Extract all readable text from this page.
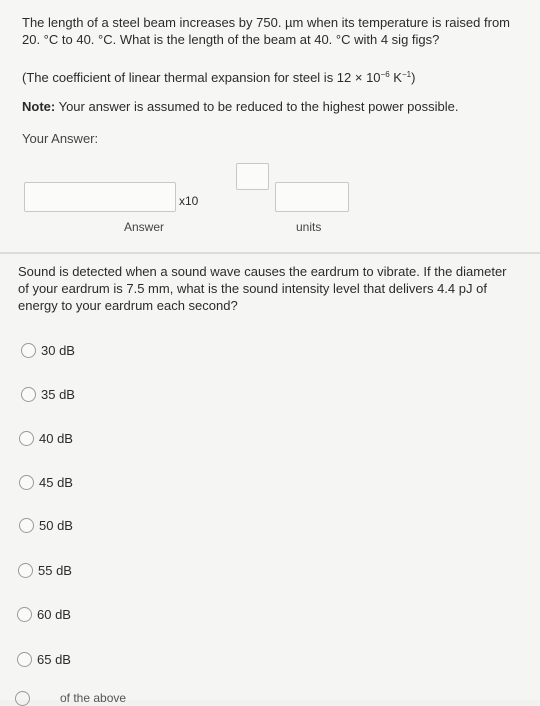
The length of a steel beam increases by 750. µm when its temperature is raised from
20. °C to 40. °C. What is the length of the beam at 40. °C with 4 sig figs?
(The coefficient of linear thermal expansion for steel is $12 \times 10^{-6}$ $K^{-1}$)
Note: Your answer is assumed to be reduced to the highest power possible.
Your Answer:
x10
Answer	units
Sound is detected when a sound wave causes the eardrum to vibrate. If the diameter
of your eardrum is 7.5 mm, what is the sound intensity level that delivers 4.4 pJ of
energy to your eardrum each second?
30 dB
35 dB
40 dB
45 dB
50 dB
55 dB
60 dB
65 dB
of the above
